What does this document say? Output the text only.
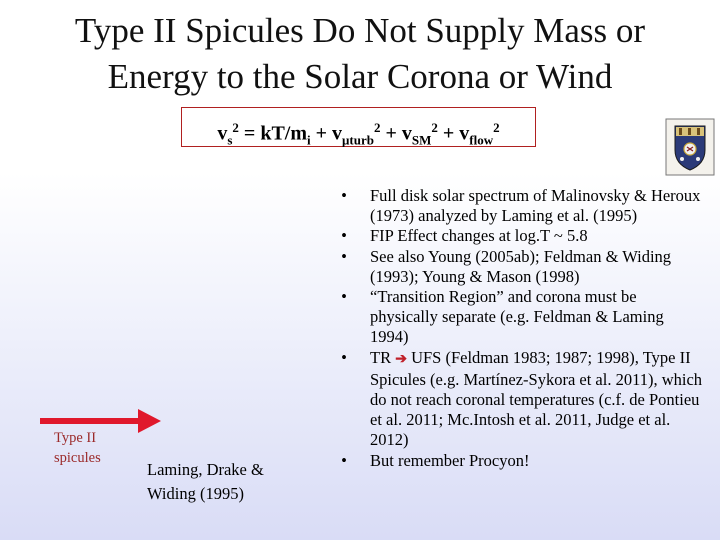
Type II Spicules Do Not Supply Mass or
Energy to the Solar Corona or Wind
$v_s^2 = kT/m_i + v_{\mu turb}^2 + v_{SM}^2 + v_{flow}^2$
• Full disk solar spectrum of Malinovsky & Heroux (1973) analyzed by Laming et al. (1995)
• FIP Effect changes at log.T ~ 5.8
• See also Young (2005ab); Feldman & Widing (1993); Young & Mason (1998)
• “Transition Region” and corona must be physically separate (e.g. Feldman & Laming 1994)
• TR ➔ UFS (Feldman 1983; 1987; 1998), Type II Spicules (e.g. Martínez-Sykora et al. 2011), which do not reach coronal temperatures (c.f. de Pontieu et al. 2011; Mc.Intosh et al. 2011, Judge et al. 2012)
• But remember Procyon!
Type II
spicules
Laming, Drake &
Widing (1995)
